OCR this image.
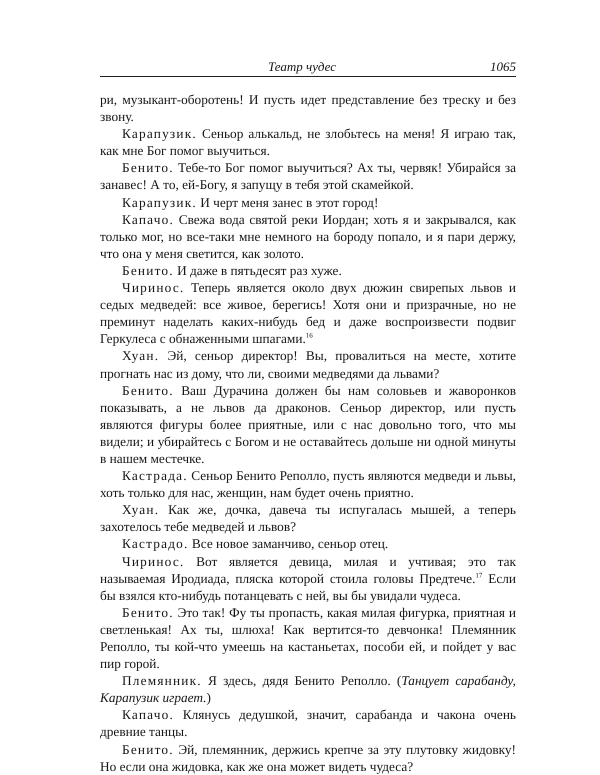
Театр чудес	1065

ри, музыкант-оборотень! И пусть идет представление без треску и без звону.

Карапузик. Сеньор алькальд, не злобьтесь на меня! Я играю так, как мне Бог помог выучиться.

Бенито. Тебе-то Бог помог выучиться? Ах ты, червяк! Убирайся за занавес! А то, ей-Богу, я запущу в тебя этой скамейкой.

Карапузик. И черт меня занес в этот город!

Капачо. Свежа вода святой реки Иордан; хоть я и закрывался, как только мог, но все-таки мне немного на бороду попало, и я пари держу, что она у меня светится, как золото.

Бенито. И даже в пятьдесят раз хуже.

Чиринос. Теперь является около двух дюжин свирепых львов и седых медведей: все живое, берегись! Хотя они и призрачные, но не преминут наделать каких-нибудь бед и даже воспроизвести подвиг Геркулеса с обнаженными шпагами.$^{16}$

Хуан. Эй, сеньор директор! Вы, провалиться на месте, хотите прогнать нас из дому, что ли, своими медведями да львами?

Бенито. Ваш Дурачина должен бы нам соловьев и жаворонков показывать, а не львов да драконов. Сеньор директор, или пусть являются фигуры более приятные, или с нас довольно того, что мы видели; и убирайтесь с Богом и не оставайтесь дольше ни одной минуты в нашем местечке.

Кастрада. Сеньор Бенито Реполло, пусть являются медведи и львы, хоть только для нас, женщин, нам будет очень приятно.

Хуан. Как же, дочка, давеча ты испугалась мышей, а теперь захотелось тебе медведей и львов?

Кастрадо. Все новое заманчиво, сеньор отец.

Чиринос. Вот является девица, милая и учтивая; это так называемая Иродиада, пляска которой стоила головы Предтече.$^{17}$ Если бы взялся кто-нибудь потанцевать с ней, вы бы увидали чудеса.

Бенито. Это так! Фу ты пропасть, какая милая фигурка, приятная и светленькая! Ах ты, шлюха! Как вертится-то девчонка! Племянник Реполло, ты кой-что умеешь на кастаньетах, пособи ей, и пойдет у вас пир горой.

Племянник. Я здесь, дядя Бенито Реполло. (Танцует сарабанду, Карапузик играет.)

Капачо. Клянусь дедушкой, значит, сарабанда и чакона очень древние танцы.

Бенито. Эй, племянник, держись крепче за эту плутовку жидовку! Но если она жидовка, как же она может видеть чудеса?
